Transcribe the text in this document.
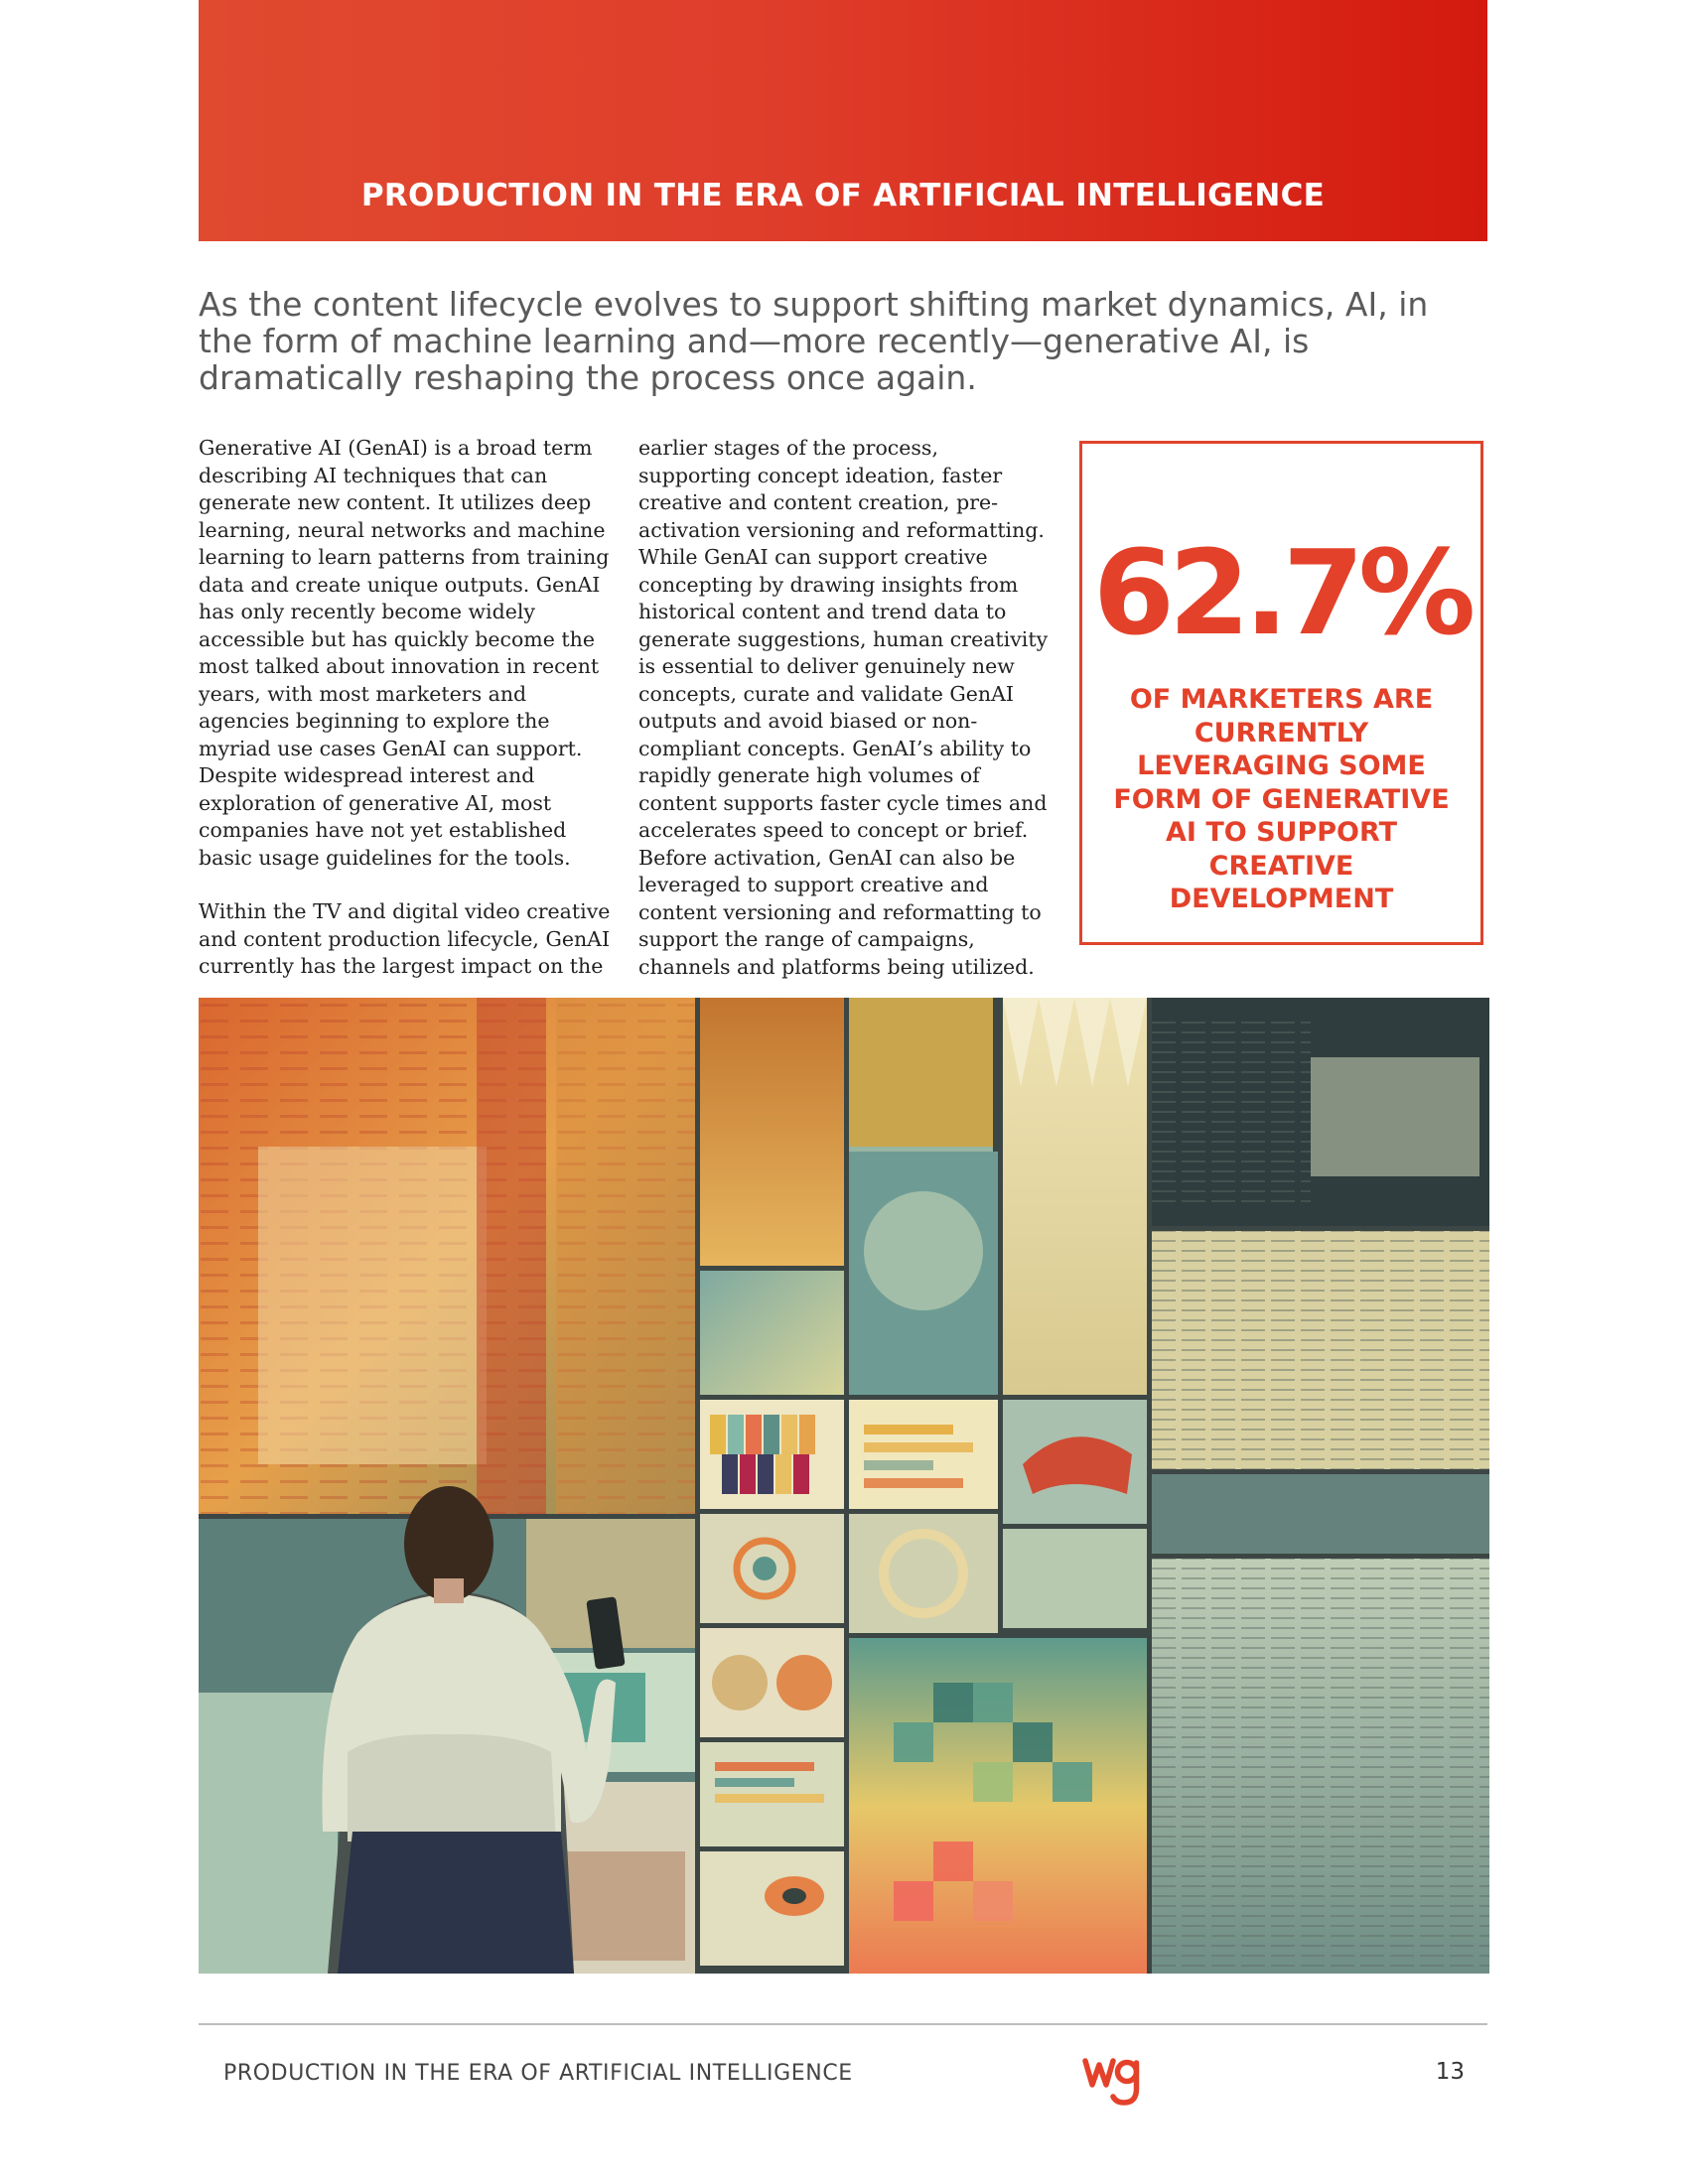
PRODUCTION IN THE ERA OF ARTIFICIAL INTELLIGENCE
As the content lifecycle evolves to support shifting market dynamics, AI, in the form of machine learning and—more recently—generative AI, is dramatically reshaping the process once again.

Generative AI (GenAI) is a broad term describing AI techniques that can generate new content. It utilizes deep learning, neural networks and machine learning to learn patterns from training data and create unique outputs. GenAI has only recently become widely accessible but has quickly become the most talked about innovation in recent years, with most marketers and agencies beginning to explore the myriad use cases GenAI can support. Despite widespread interest and exploration of generative AI, most companies have not yet established basic usage guidelines for the tools.

Within the TV and digital video creative and content production lifecycle, GenAI currently has the largest impact on the

earlier stages of the process, supporting concept ideation, faster creative and content creation, pre-activation versioning and reformatting. While GenAI can support creative concepting by drawing insights from historical content and trend data to generate suggestions, human creativity is essential to deliver genuinely new concepts, curate and validate GenAI outputs and avoid biased or non-compliant concepts. GenAI’s ability to rapidly generate high volumes of content supports faster cycle times and accelerates speed to concept or brief. Before activation, GenAI can also be leveraged to support creative and content versioning and reformatting to support the range of campaigns, channels and platforms being utilized.

62.7%
OF MARKETERS ARE CURRENTLY LEVERAGING SOME FORM OF GENERATIVE AI TO SUPPORT CREATIVE DEVELOPMENT
PRODUCTION IN THE ERA OF ARTIFICIAL INTELLIGENCE	13
